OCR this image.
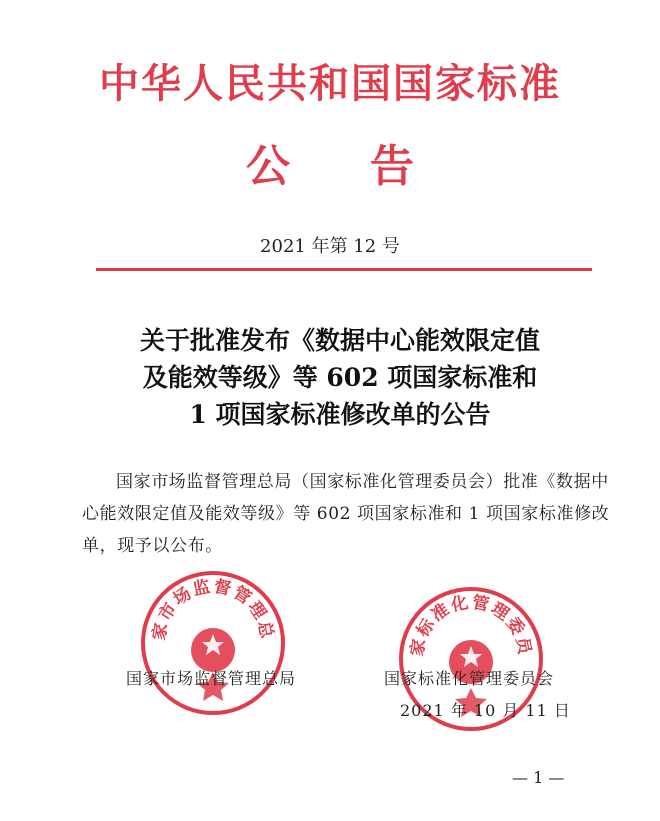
中华人民共和国国家标准
公告
2021 年第 12 号
关于批准发布《数据中心能效限定值
及能效等级》等 602 项国家标准和
1 项国家标准修改单的公告
国家市场监督管理总局（国家标准化管理委员会）批准《数据中心能效限定值及能效等级》等 602 项国家标准和 1 项国家标准修改单，现予以公布。
家市场监督管理总
家标准化管理委员
国家市场监督管理总局	国家标准化管理委员会
2021 年 10 月 11 日
— 1 —
